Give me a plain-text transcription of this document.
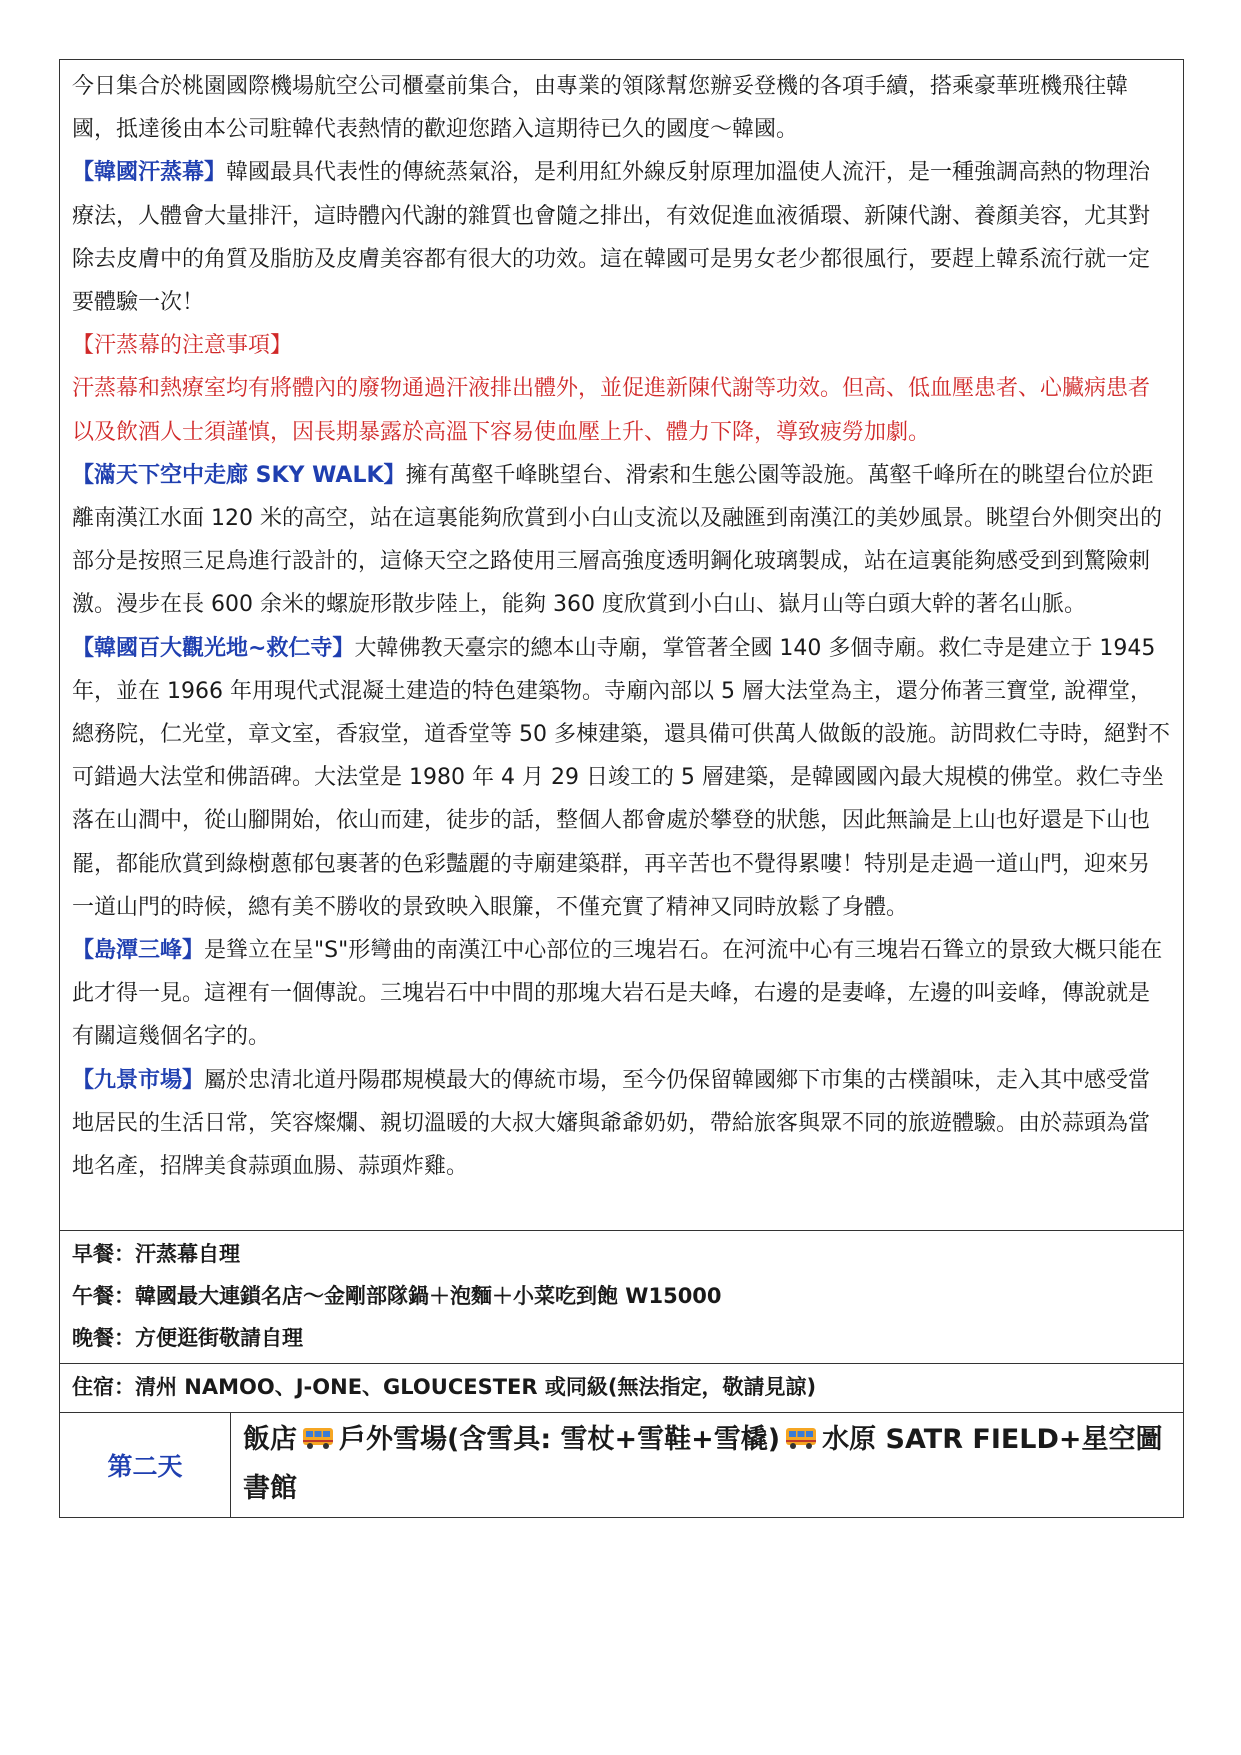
今日集合於桃園國際機場航空公司櫃臺前集合，由專業的領隊幫您辦妥登機的各項手續，搭乘豪華班機飛往韓國，抵達後由本公司駐韓代表熱情的歡迎您踏入這期待已久的國度～韓國。

【韓國汗蒸幕】韓國最具代表性的傳統蒸氣浴，是利用紅外線反射原理加溫使人流汗，是一種強調高熱的物理治療法，人體會大量排汗，這時體內代謝的雜質也會隨之排出，有效促進血液循環、新陳代謝、養顏美容，尤其對除去皮膚中的角質及脂肪及皮膚美容都有很大的功效。這在韓國可是男女老少都很風行，要趕上韓系流行就一定要體驗一次！

【汗蒸幕的注意事項】

汗蒸幕和熱療室均有將體內的廢物通過汗液排出體外，並促進新陳代謝等功效。但高、低血壓患者、心臟病患者以及飲酒人士須謹慎，因長期暴露於高溫下容易使血壓上升、體力下降，導致疲勞加劇。

【滿天下空中走廊 SKY WALK】擁有萬壑千峰眺望台、滑索和生態公園等設施。萬壑千峰所在的眺望台位於距離南漢江水面 120 米的高空，站在這裏能夠欣賞到小白山支流以及融匯到南漢江的美妙風景。眺望台外側突出的部分是按照三足鳥進行設計的，這條天空之路使用三層高強度透明鋼化玻璃製成，站在這裏能夠感受到到驚險刺激。漫步在長 600 余米的螺旋形散步陸上，能夠 360 度欣賞到小白山、嶽月山等白頭大幹的著名山脈。

【韓國百大觀光地~救仁寺】大韓佛教天臺宗的總本山寺廟，掌管著全國 140 多個寺廟。救仁寺是建立于 1945 年，並在 1966 年用現代式混凝土建造的特色建築物。寺廟內部以 5 層大法堂為主，還分佈著三寶堂, 說禪堂，總務院，仁光堂，章文室，香寂堂，道香堂等 50 多棟建築，還具備可供萬人做飯的設施。訪問救仁寺時，絕對不可錯過大法堂和佛語碑。大法堂是 1980 年 4 月 29 日竣工的 5 層建築，是韓國國內最大規模的佛堂。救仁寺坐落在山澗中，從山腳開始，依山而建，徒步的話，整個人都會處於攀登的狀態，因此無論是上山也好還是下山也罷，都能欣賞到綠樹蔥郁包裹著的色彩豔麗的寺廟建築群，再辛苦也不覺得累嘍！特別是走過一道山門，迎來另一道山門的時候，總有美不勝收的景致映入眼簾，不僅充實了精神又同時放鬆了身體。

【島潭三峰】是聳立在呈"S"形彎曲的南漢江中心部位的三塊岩石。在河流中心有三塊岩石聳立的景致大概只能在此才得一見。這裡有一個傳說。三塊岩石中中間的那塊大岩石是夫峰，右邊的是妻峰，左邊的叫妾峰，傳說就是有關這幾個名字的。

【九景市場】屬於忠清北道丹陽郡規模最大的傳統市場，至今仍保留韓國鄉下市集的古樸韻味，走入其中感受當地居民的生活日常，笑容燦爛、親切溫暖的大叔大嬸與爺爺奶奶，帶給旅客與眾不同的旅遊體驗。由於蒜頭為當地名產，招牌美食蒜頭血腸、蒜頭炸雞。

早餐：汗蒸幕自理

午餐：韓國最大連鎖名店～金剛部隊鍋＋泡麵＋小菜吃到飽 W15000

晚餐：方便逛街敬請自理

住宿：清州 NAMOO、J-ONE、GLOUCESTER 或同級(無法指定，敬請見諒)

第二天
飯店 戶外雪場(含雪具: 雪杖+雪鞋+雪橇) 水原 SATR FIELD+星空圖書館
